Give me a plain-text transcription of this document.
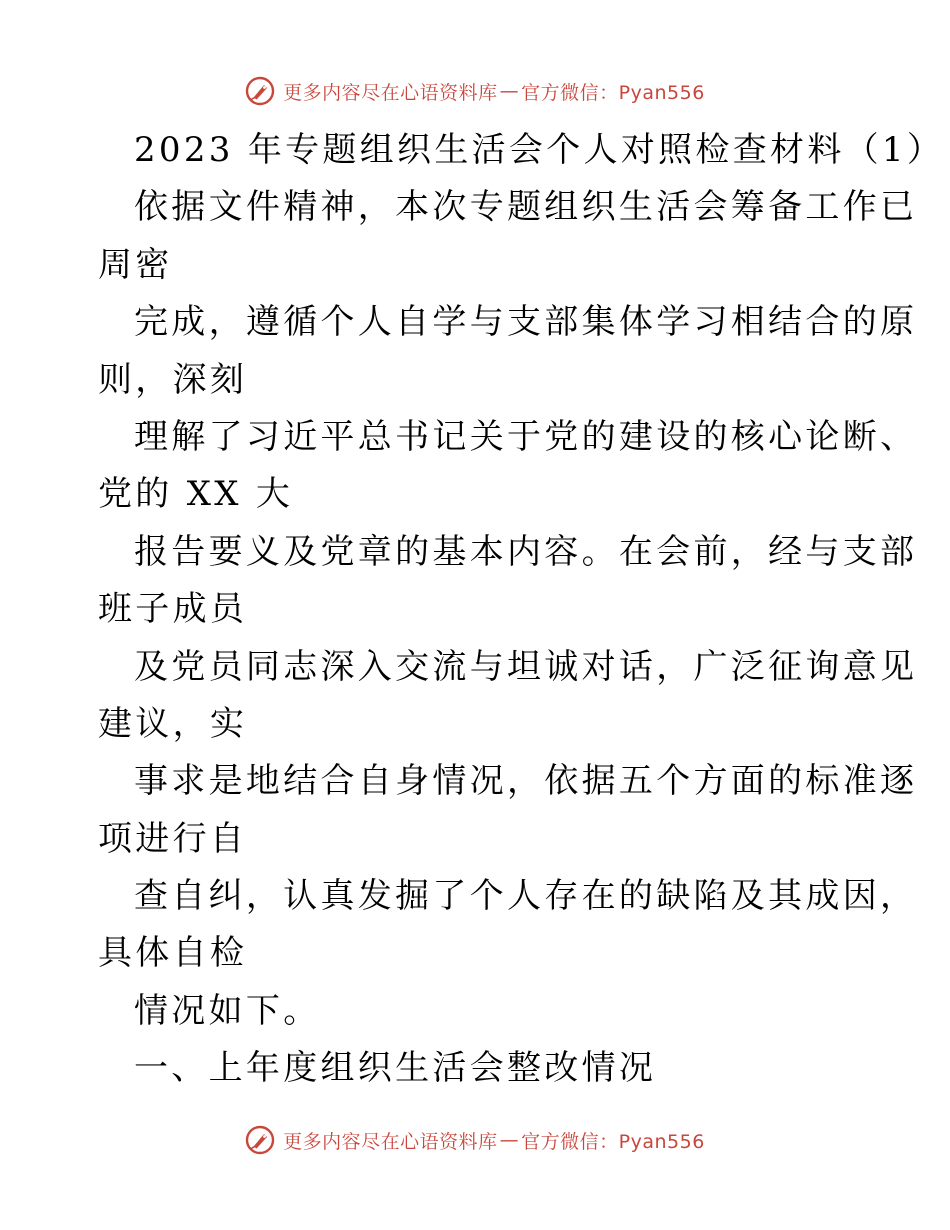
更多内容尽在心语资料库 — 官方微信：Pyan556
2023 年专题组织生活会个人对照检查材料（1）
依据文件精神，本次专题组织生活会筹备工作已
周密
完成，遵循个人自学与支部集体学习相结合的原
则，深刻
理解了习近平总书记关于党的建设的核心论断、
党的 XX 大
报告要义及党章的基本内容。在会前，经与支部
班子成员
及党员同志深入交流与坦诚对话，广泛征询意见
建议，实
事求是地结合自身情况，依据五个方面的标准逐
项进行自
查自纠，认真发掘了个人存在的缺陷及其成因，
具体自检
情况如下。
一、上年度组织生活会整改情况
更多内容尽在心语资料库 — 官方微信：Pyan556
